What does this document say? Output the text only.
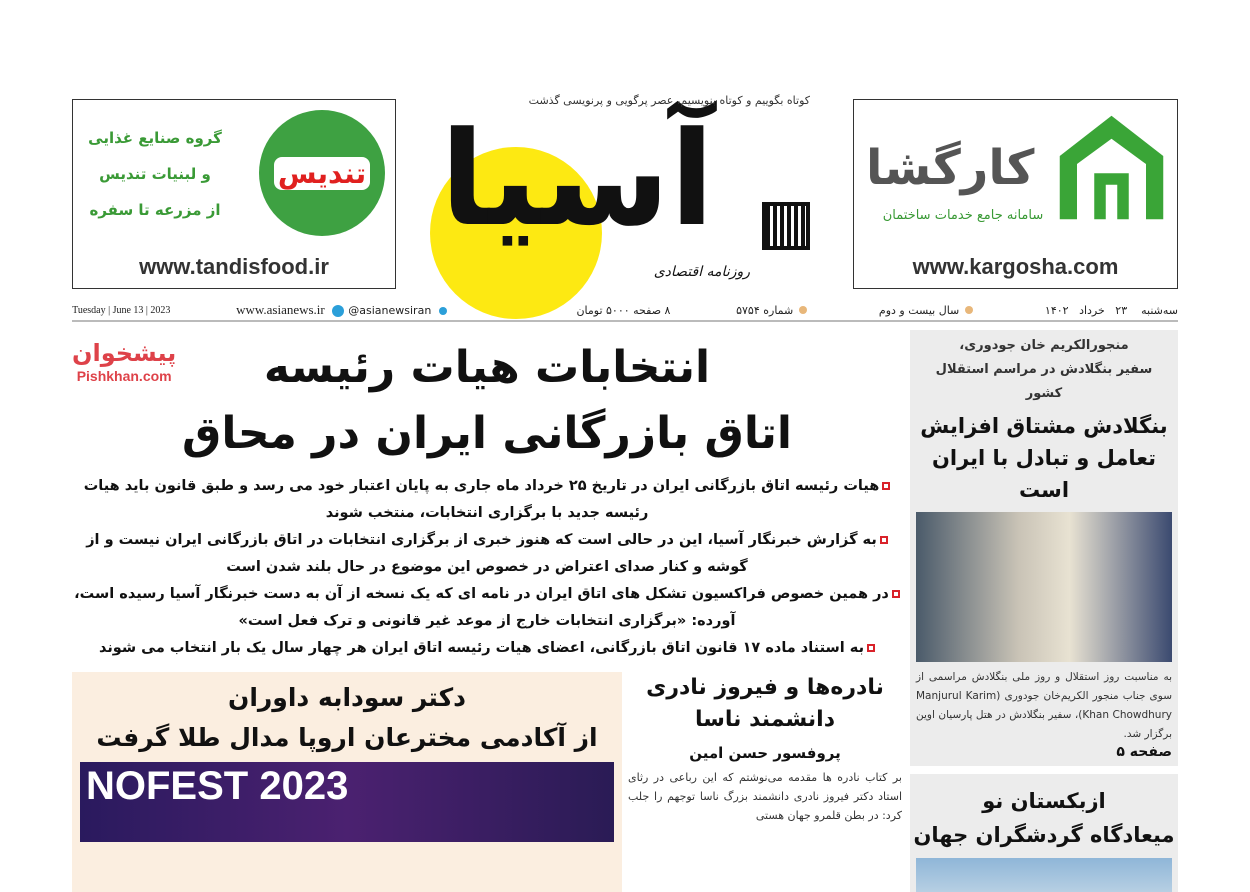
گروه صنایع غذایی
و لبنیات تندیس
از مزرعه تا سفره
تندیس
www.tandisfood.ir
آسیا
کوتاه بگوییم و کوتاه بنویسیم، عصر پرگویی و پرنویسی گذشت
روزنامه اقتصادی
کارگشا
سامانه جامع خدمات ساختمان
www.kargosha.com
سه‌شنبه    ۲۳   خرداد   ۱۴۰۲
سال بیست و دوم
شماره ۵۷۵۴
۸ صفحه ۵۰۰۰ تومان
www.asianews.ir @asianewsiran
Tuesday | June 13 | 2023
انتخابات هیات رئیسه
اتاق بازرگانی ایران در محاق
پیشخوان
Pishkhan.com

هیات رئیسه اتاق بازرگانی ایران در تاریخ ۲۵ خرداد ماه جاری به پایان اعتبار خود می رسد و طبق قانون باید هیات رئیسه جدید با برگزاری انتخابات، منتخب شوند

به گزارش خبرنگار آسیا، این در حالی است که هنوز خبری از برگزاری انتخابات در اتاق بازرگانی ایران نیست و از گوشه و کنار صدای اعتراض در خصوص این موضوع در حال بلند شدن است

در همین خصوص فراکسیون تشکل های اتاق ایران در نامه ای که یک نسخه از آن به دست خبرنگار آسیا رسیده است، آورده: «برگزاری انتخابات خارج از موعد غیر قانونی و ترک فعل است»

به استناد ماده ۱۷ قانون اتاق بازرگانی، اعضای هیات رئیسه اتاق ایران هر چهار سال یک بار انتخاب می شوند

دکتر سودابه داوران
از آکادمی مخترعان اروپا مدال طلا گرفت
NOFEST 2023
نادره‌ها و فیروز نادری
دانشمند ناسا
پروفسور حسن امین
بر کتاب نادره ها مقدمه می‌نوشتم که این رباعی در رثای استاد دکتر فیروز نادری دانشمند بزرگ ناسا توجهم را جلب کرد: در بطن قلمرو جهان هستی
منجورالکریم خان جودوری،
سفیر بنگلادش در مراسم استقلال کشور
بنگلادش مشتاق افزایش
تعامل و تبادل با ایران است
به مناسبت روز استقلال و روز ملی بنگلادش مراسمی از سوی جناب منجور الکریم‌خان جودوری (Manjurul Karim Khan Chowdhury)، سفیر بنگلادش در هتل پارسیان اوین برگزار شد.
صفحه ۵
ازبکستان نو
میعادگاه گردشگران جهان
